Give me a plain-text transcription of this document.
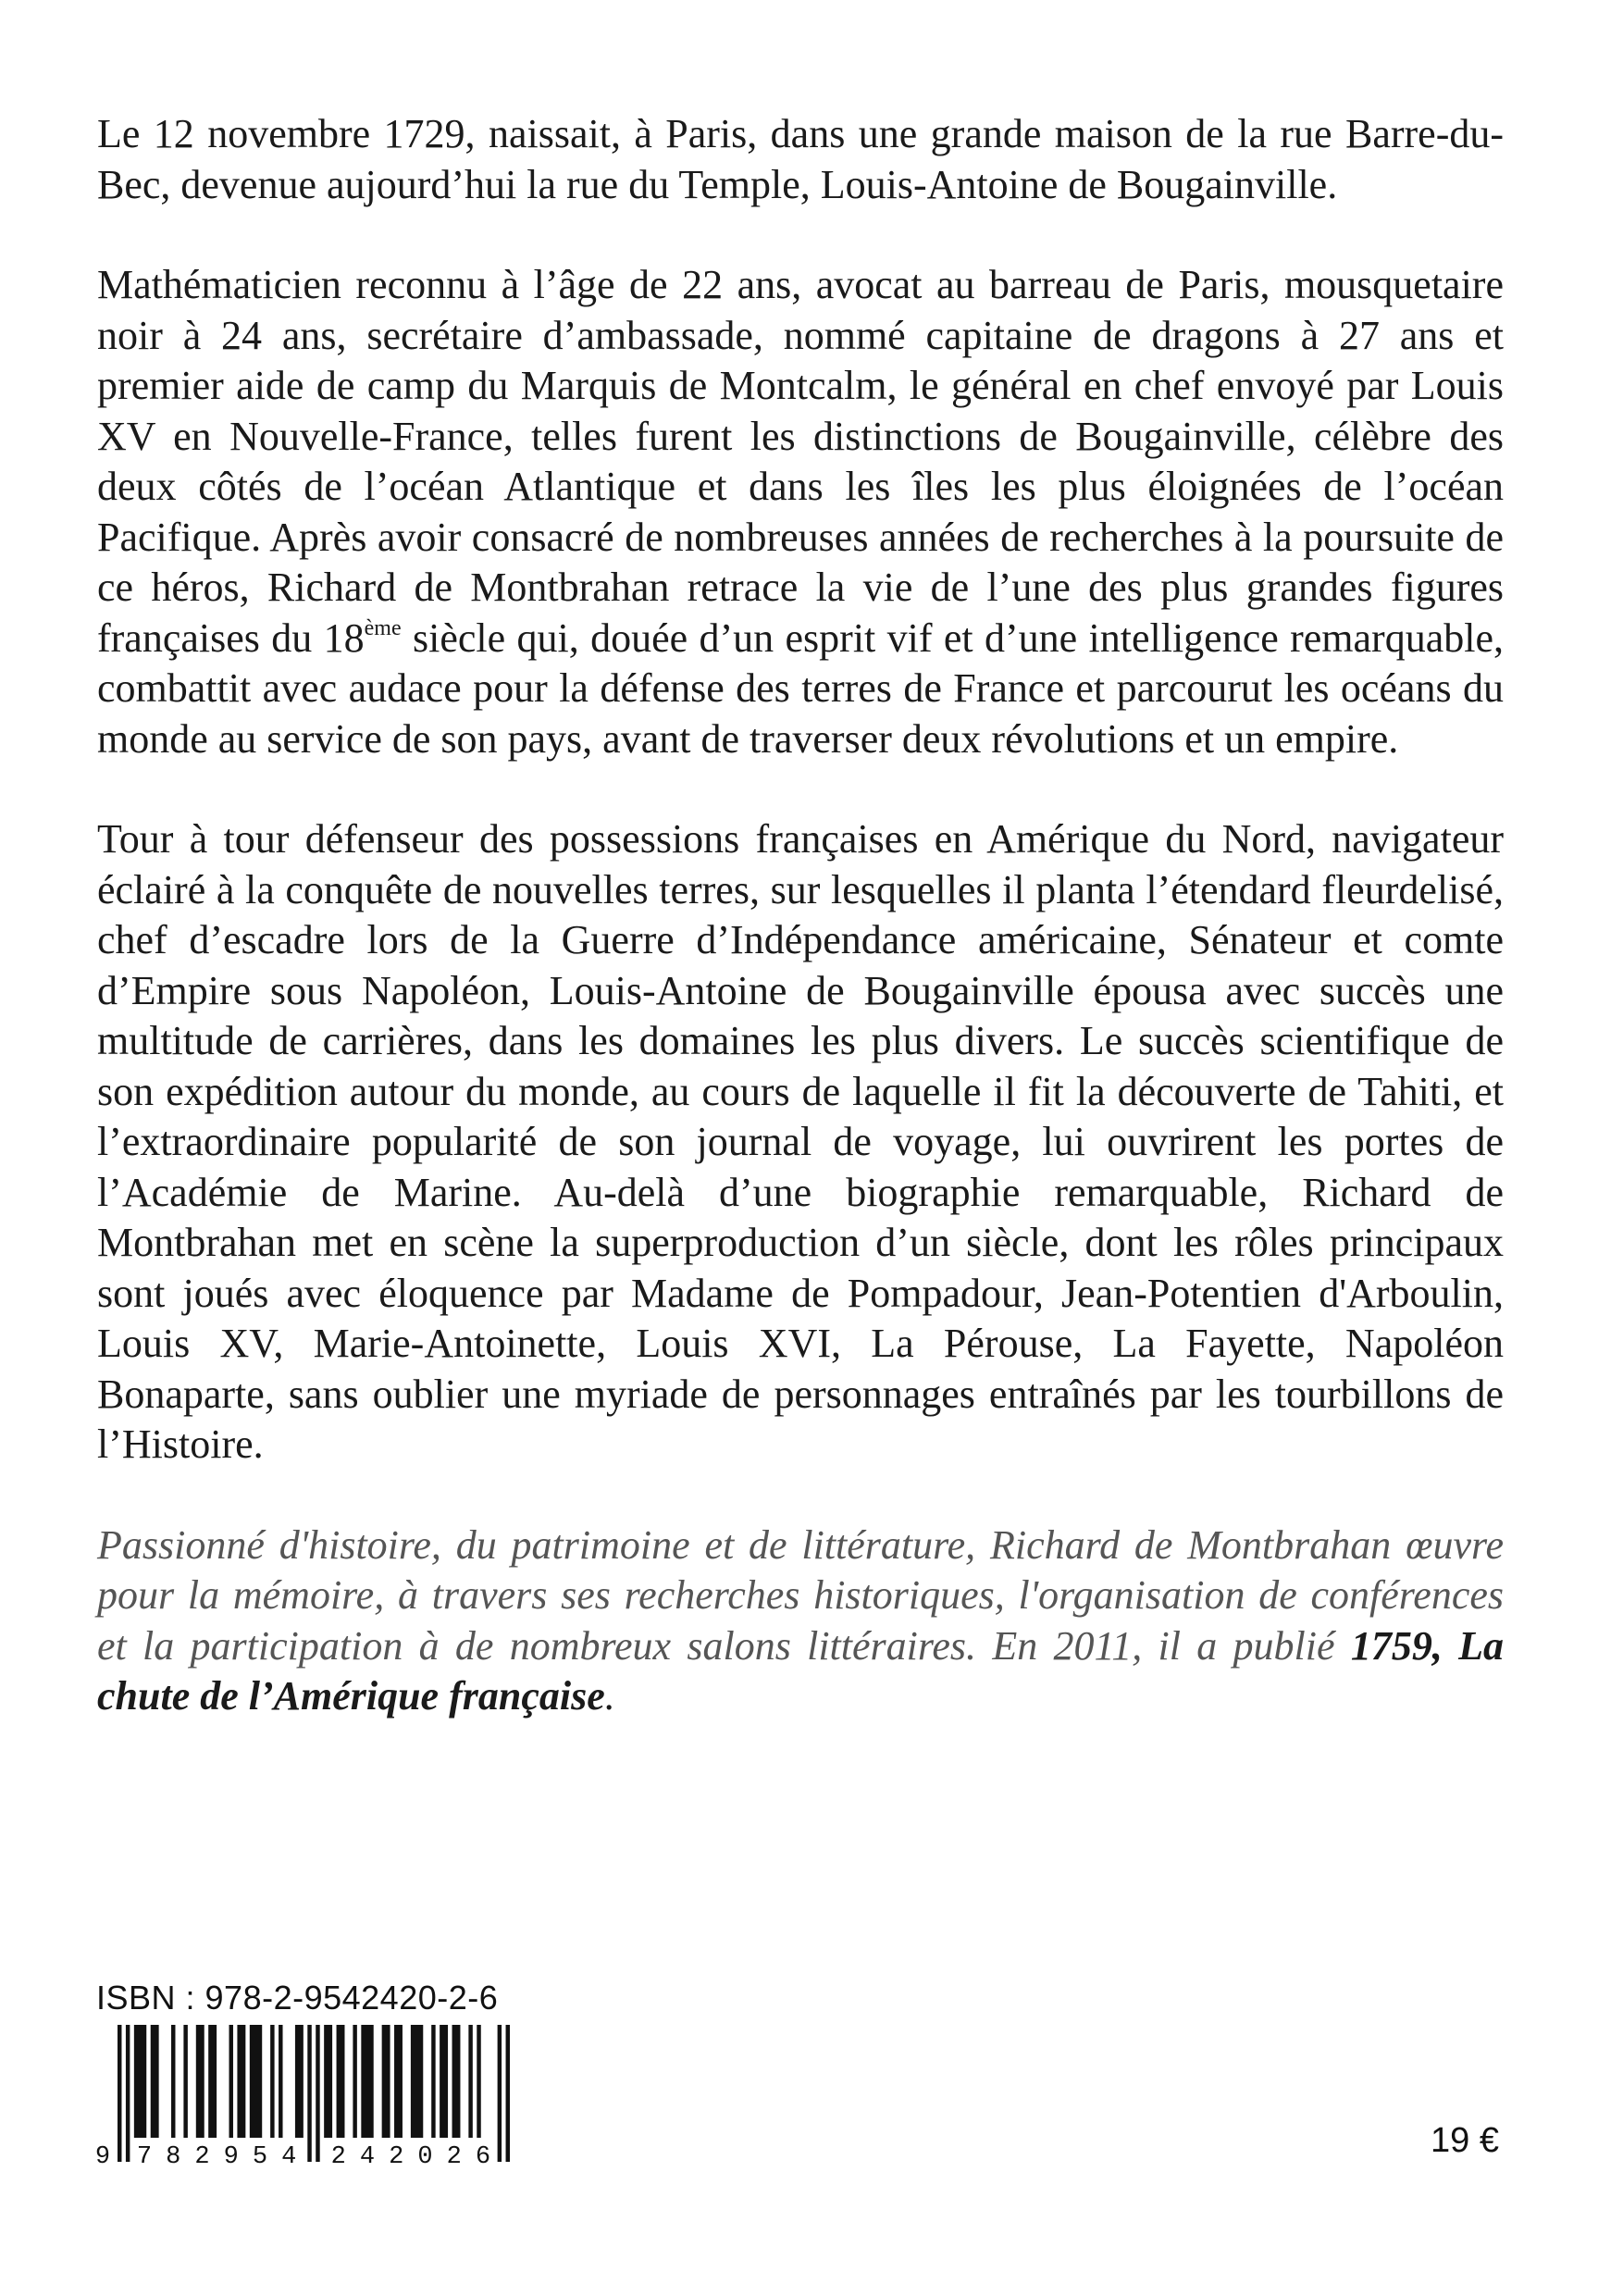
Le 12 novembre 1729, naissait, à Paris, dans une grande maison de la rue Barre-du-Bec, devenue aujourd’hui la rue du Temple, Louis-Antoine de Bougainville.

Mathématicien reconnu à l’âge de 22 ans, avocat au barreau de Paris, mousquetaire noir à 24 ans, secrétaire d’ambassade, nommé capitaine de dragons à 27 ans et premier aide de camp du Marquis de Montcalm, le général en chef envoyé par Louis XV en Nouvelle-France, telles furent les distinctions de Bougainville, célèbre des deux côtés de l’océan Atlantique et dans les îles les plus éloignées de l’océan Pacifique. Après avoir consacré de nombreuses années de recherches à la poursuite de ce héros, Richard de Montbrahan retrace la vie de l’une des plus grandes figures françaises du 18ème siècle qui, douée d’un esprit vif et d’une intelligence remarquable, combattit avec audace pour la défense des terres de France et parcourut les océans du monde au service de son pays, avant de traverser deux révolutions et un empire.

Tour à tour défenseur des possessions françaises en Amérique du Nord, navigateur éclairé à la conquête de nouvelles terres, sur lesquelles il planta l’étendard fleurdelisé, chef d’escadre lors de la Guerre d’Indépendance américaine, Sénateur et comte d’Empire sous Napoléon, Louis-Antoine de Bougainville épousa avec succès une multitude de carrières, dans les domaines les plus divers. Le succès scientifique de son expédition autour du monde, au cours de laquelle il fit la découverte de Tahiti, et l’extraordinaire popularité de son journal de voyage, lui ouvrirent les portes de l’Académie de Marine. Au-delà d’une biographie remarquable, Richard de Montbrahan met en scène la superproduction d’un siècle, dont les rôles principaux sont joués avec éloquence par Madame de Pompadour, Jean-Potentien d'Arboulin, Louis XV, Marie-Antoinette, Louis XVI, La Pérouse, La Fayette, Napoléon Bonaparte, sans oublier une myriade de personnages entraînés par les tourbillons de l’Histoire.

Passionné d'histoire, du patrimoine et de littérature, Richard de Montbrahan œuvre pour la mémoire, à travers ses recherches historiques, l'organisation de conférences et la participation à de nombreux salons littéraires. En 2011, il a publié 1759, La chute de l’Amérique française.

ISBN : 978-2-9542420-2-6
9 7 8 2 9 5 4 2 4 2 0 2 6	19 €
